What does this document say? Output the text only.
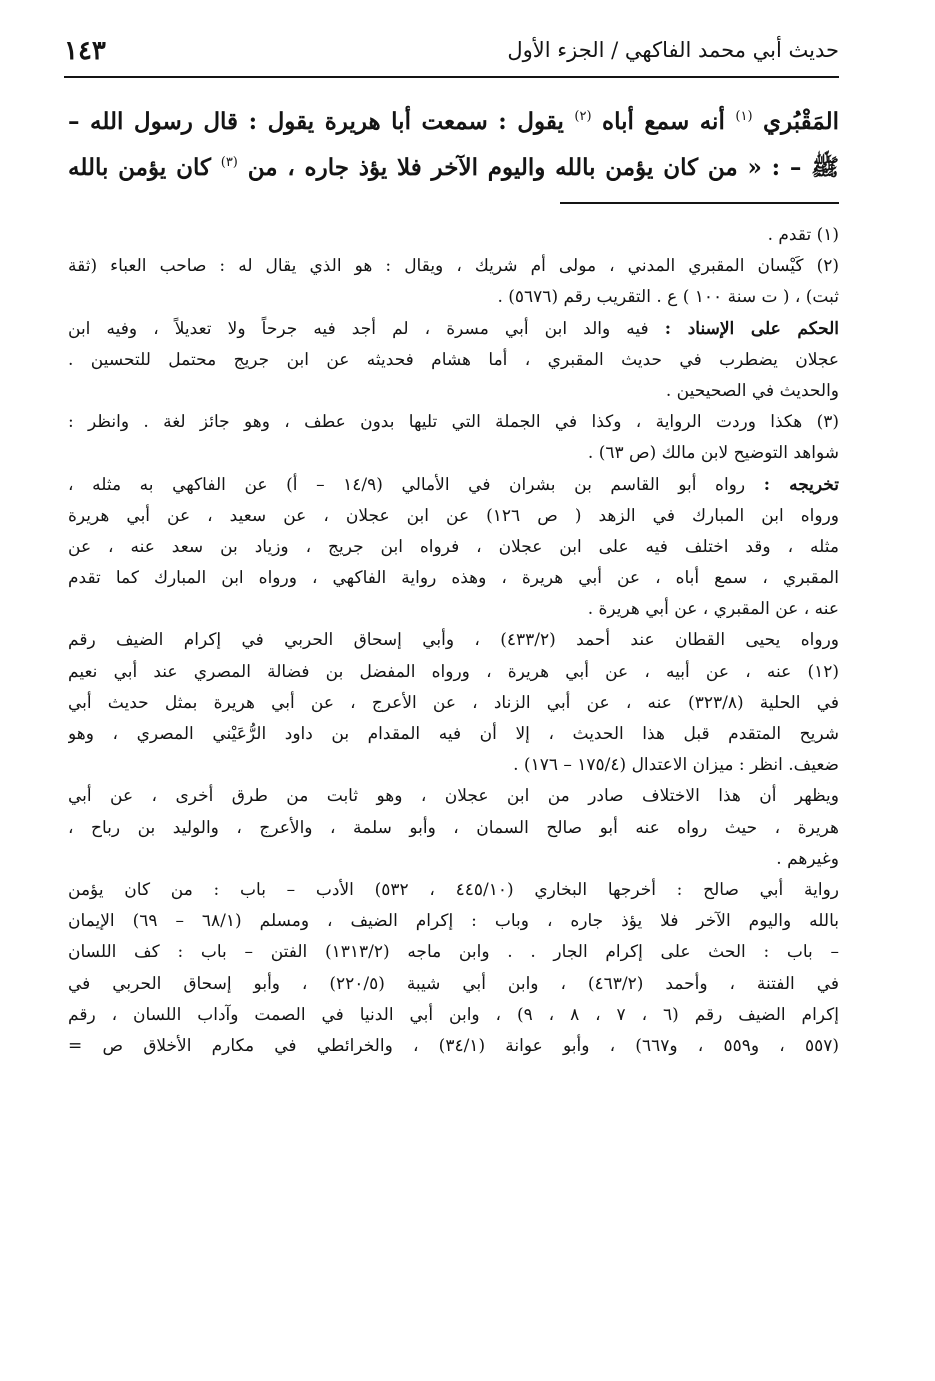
حديث أبي محمد الفاكهي / الجزء الأول
١٤٣
المَقْبُري $^{(١)}$ أنه سمع أباه $^{(٢)}$ يقول : سمعت أبا هريرة يقول : قال رسول الله –
ﷺ – : « من كان يؤمن بالله واليوم الآخر فلا يؤذ جاره ، من $^{(٣)}$ كان يؤمن بالله
(١) تقدم .
(٢) كَيْسان المقبري المدني ، مولى أم شريك ، ويقال : هو الذي يقال له : صاحب العباء (ثقة
ثبت) ، ( ت سنة ١٠٠ ) ع . التقريب رقم (٥٦٧٦) .
الحكم على الإسناد : فيه والد ابن أبي مسرة ، لم أجد فيه جرحاً ولا تعديلاً ، وفيه ابن
عجلان يضطرب في حديث المقبري ، أما هشام فحديثه عن ابن جريج محتمل للتحسين .
والحديث في الصحيحين .
(٣) هكذا وردت الرواية ، وكذا في الجملة التي تليها بدون عطف ، وهو جائز لغة . وانظر :
شواهد التوضيح لابن مالك (ص ٦٣) .
تخريجه : رواه أبو القاسم بن بشران في الأمالي (١٤/٩ – أ) عن الفاكهي به مثله ،
ورواه ابن المبارك في الزهد ( ص ١٢٦) عن ابن عجلان ، عن سعيد ، عن أبي هريرة
مثله ، وقد اختلف فيه على ابن عجلان ، فرواه ابن جريج ، وزياد بن سعد عنه ، عن
المقبري ، سمع أباه ، عن أبي هريرة ، وهذه رواية الفاكهي ، ورواه ابن المبارك كما تقدم
عنه ، عن المقبري ، عن أبي هريرة .
ورواه يحيى القطان عند أحمد (٤٣٣/٢) ، وأبي إسحاق الحربي في إكرام الضيف رقم
(١٢) عنه ، عن أبيه ، عن أبي هريرة ، ورواه المفضل بن فضالة المصري عند أبي نعيم
في الحلية (٣٢٣/٨) عنه ، عن أبي الزناد ، عن الأعرج ، عن أبي هريرة بمثل حديث أبي
شريح المتقدم قبل هذا الحديث ، إلا أن فيه المقدام بن داود الرُّعَيْني المصري ، وهو
ضعيف. انظر : ميزان الاعتدال (١٧٥/٤ – ١٧٦) .
ويظهر أن هذا الاختلاف صادر من ابن عجلان ، وهو ثابت من طرق أخرى ، عن أبي
هريرة ، حيث رواه عنه أبو صالح السمان ، وأبو سلمة ، والأعرج ، والوليد بن رباح ،
وغيرهم .
رواية أبي صالح : أخرجها البخاري (٤٤٥/١٠ ، ٥٣٢) الأدب – باب : من كان يؤمن
بالله واليوم الآخر فلا يؤذ جاره ، وباب : إكرام الضيف ، ومسلم (٦٨/١ – ٦٩) الإيمان
– باب : الحث على إكرام الجار . . وابن ماجه (١٣١٣/٢) الفتن – باب : كف اللسان
في الفتنة ، وأحمد (٤٦٣/٢) ، وابن أبي شيبة (٢٢٠/٥) ، وأبو إسحاق الحربي في
إكرام الضيف رقم (٦ ، ٧ ، ٨ ، ٩) ، وابن أبي الدنيا في الصمت وآداب اللسان ، رقم
(٥٥٧ ، و٥٥٩ ، و٦٦٧) ، وأبو عوانة (٣٤/١) ، والخرائطي في مكارم الأخلاق ص =
